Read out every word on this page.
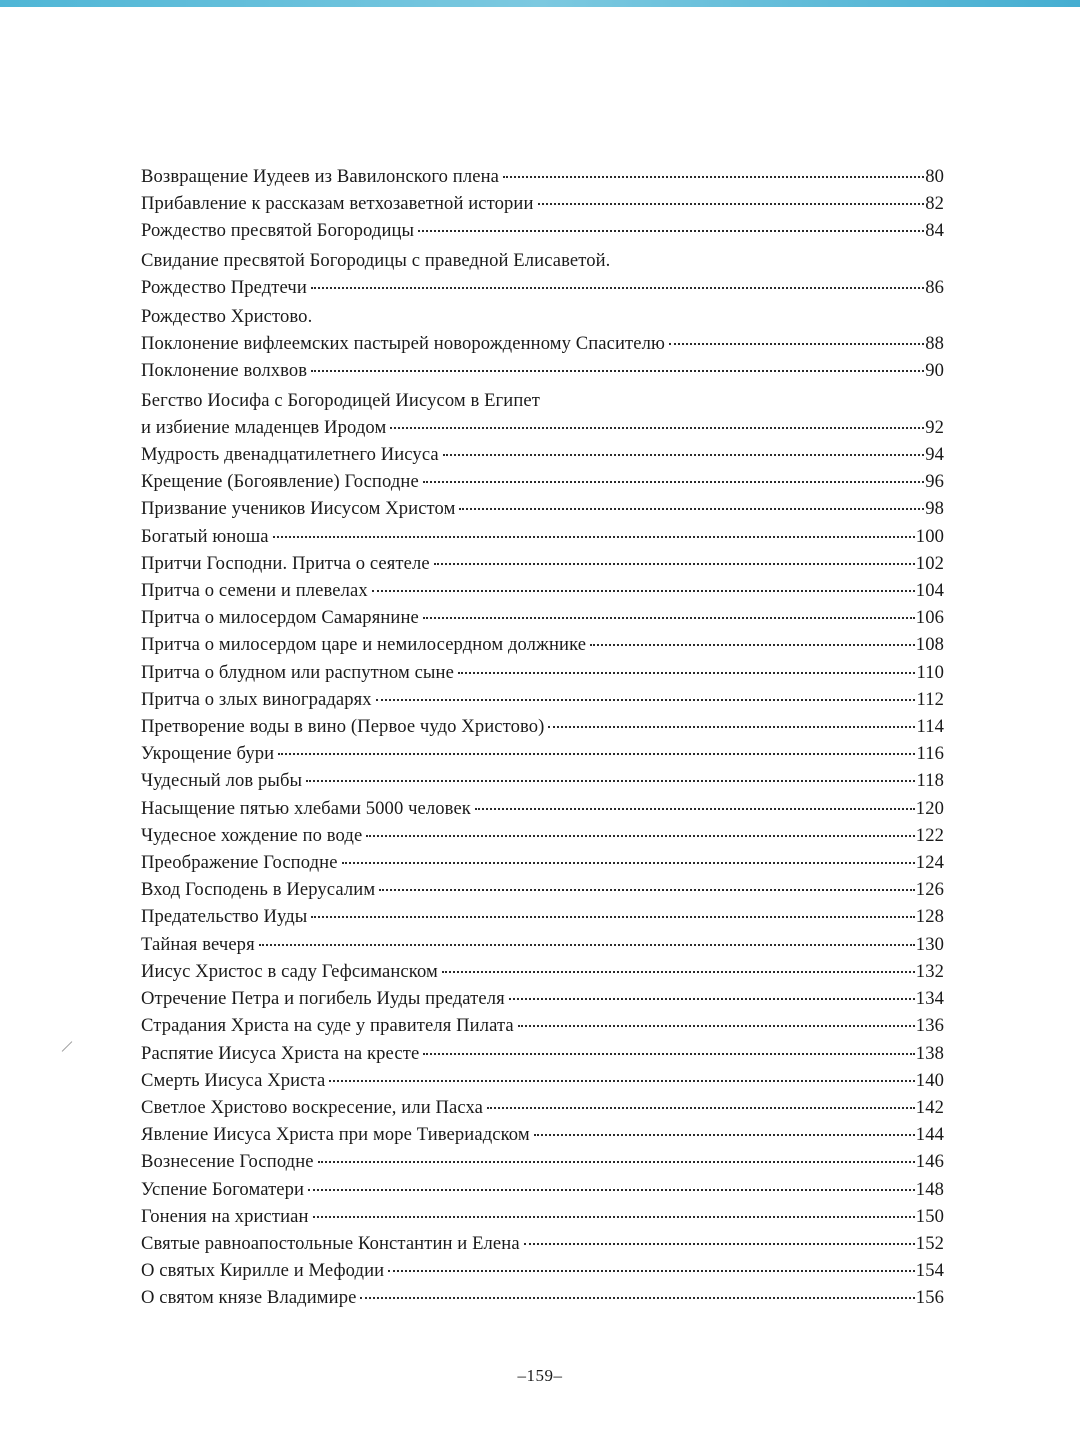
Возвращение Иудеев из Вавилонского плена	80
Прибавление к рассказам ветхозаветной истории	82
Рождество пресвятой Богородицы	84
Свидание пресвятой Богородицы с праведной Елисаветой.
Рождество Предтечи	86
Рождество Христово.
Поклонение вифлеемских пастырей новорожденному Спасителю	88
Поклонение волхвов	90
Бегство Иосифа с Богородицей Иисусом в Египет
и избиение младенцев Иродом	92
Мудрость двенадцатилетнего Иисуса	94
Крещение (Богоявление) Господне	96
Призвание учеников Иисусом Христом	98
Богатый юноша	100
Притчи Господни. Притча о сеятеле	102
Притча о семени и плевелах	104
Притча о милосердом Самарянине	106
Притча о милосердом царе и немилосердном должнике	108
Притча о блудном или распутном сыне	110
Притча о злых виноградарях	112
Претворение воды в вино (Первое чудо Христово)	114
Укрощение бури	116
Чудесный лов рыбы	118
Насыщение пятью хлебами 5000 человек	120
Чудесное хождение по воде	122
Преображение Господне	124
Вход Господень в Иерусалим	126
Предательство Иуды	128
Тайная вечеря	130
Иисус Христос в саду Гефсиманском	132
Отречение Петра и погибель Иуды предателя	134
Страдания Христа на суде у правителя Пилата	136
Распятие Иисуса Христа на кресте	138
Смерть Иисуса Христа	140
Светлое Христово воскресение, или Пасха	142
Явление Иисуса Христа при море Тивериадском	144
Вознесение Господне	146
Успение Богоматери	148
Гонения на христиан	150
Святые равноапостольные Константин и Елена	152
О святых Кирилле и Мефодии	154
О святом князе Владимире	156
–159–
